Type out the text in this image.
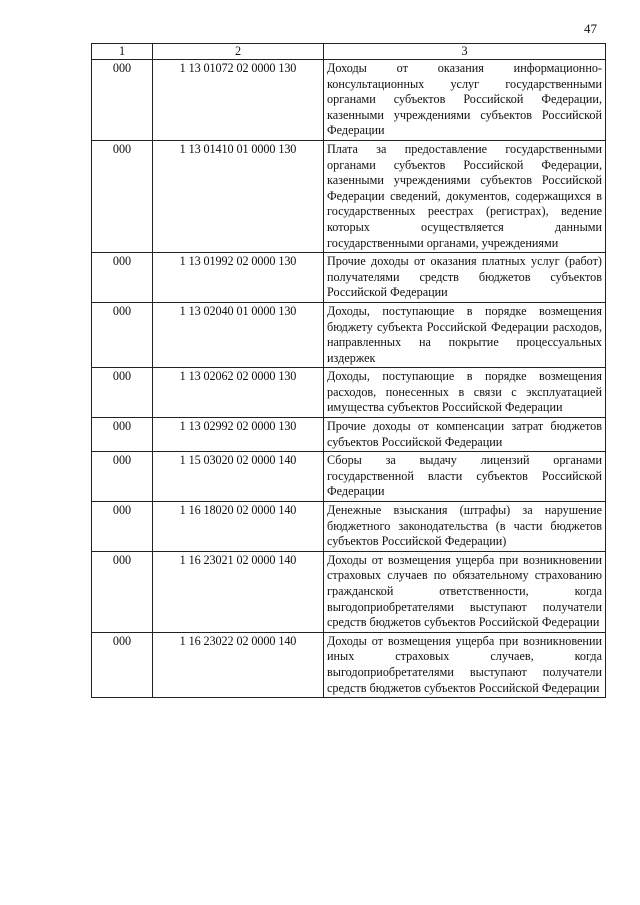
47
1	2	3
000	1 13 01072 02 0000 130	Доходы от оказания информационно-консультационных услуг государственными органами субъектов Российской Федерации, казенными учреждениями субъектов Российской Федерации
000	1 13 01410 01 0000 130	Плата за предоставление государственными органами субъектов Российской Федерации, казенными учреждениями субъектов Российской Федерации сведений, документов, содержащихся в государственных реестрах (регистрах), ведение которых осуществляется данными государственными органами, учреждениями
000	1 13 01992 02 0000 130	Прочие доходы от оказания платных услуг (работ) получателями средств бюджетов субъектов Российской Федерации
000	1 13 02040 01 0000 130	Доходы, поступающие в порядке возмещения бюджету субъекта Российской Федерации расходов, направленных на покрытие процессуальных издержек
000	1 13 02062 02 0000 130	Доходы, поступающие в порядке возмещения расходов, понесенных в связи с эксплуатацией имущества субъектов Российской Федерации
000	1 13 02992 02 0000 130	Прочие доходы от компенсации затрат бюджетов субъектов Российской Федерации
000	1 15 03020 02 0000 140	Сборы за выдачу лицензий органами государственной власти субъектов Российской Федерации
000	1 16 18020 02 0000 140	Денежные взыскания (штрафы) за нарушение бюджетного законодательства (в части бюджетов субъектов Российской Федерации)
000	1 16 23021 02 0000 140	Доходы от возмещения ущерба при возникновении страховых случаев по обязательному страхованию гражданской ответственности, когда выгодоприобретателями выступают получатели средств бюджетов субъектов Российской Федерации
000	1 16 23022 02 0000 140	Доходы от возмещения ущерба при возникновении иных страховых случаев, когда выгодоприобретателями выступают получатели средств бюджетов субъектов Российской Федерации
